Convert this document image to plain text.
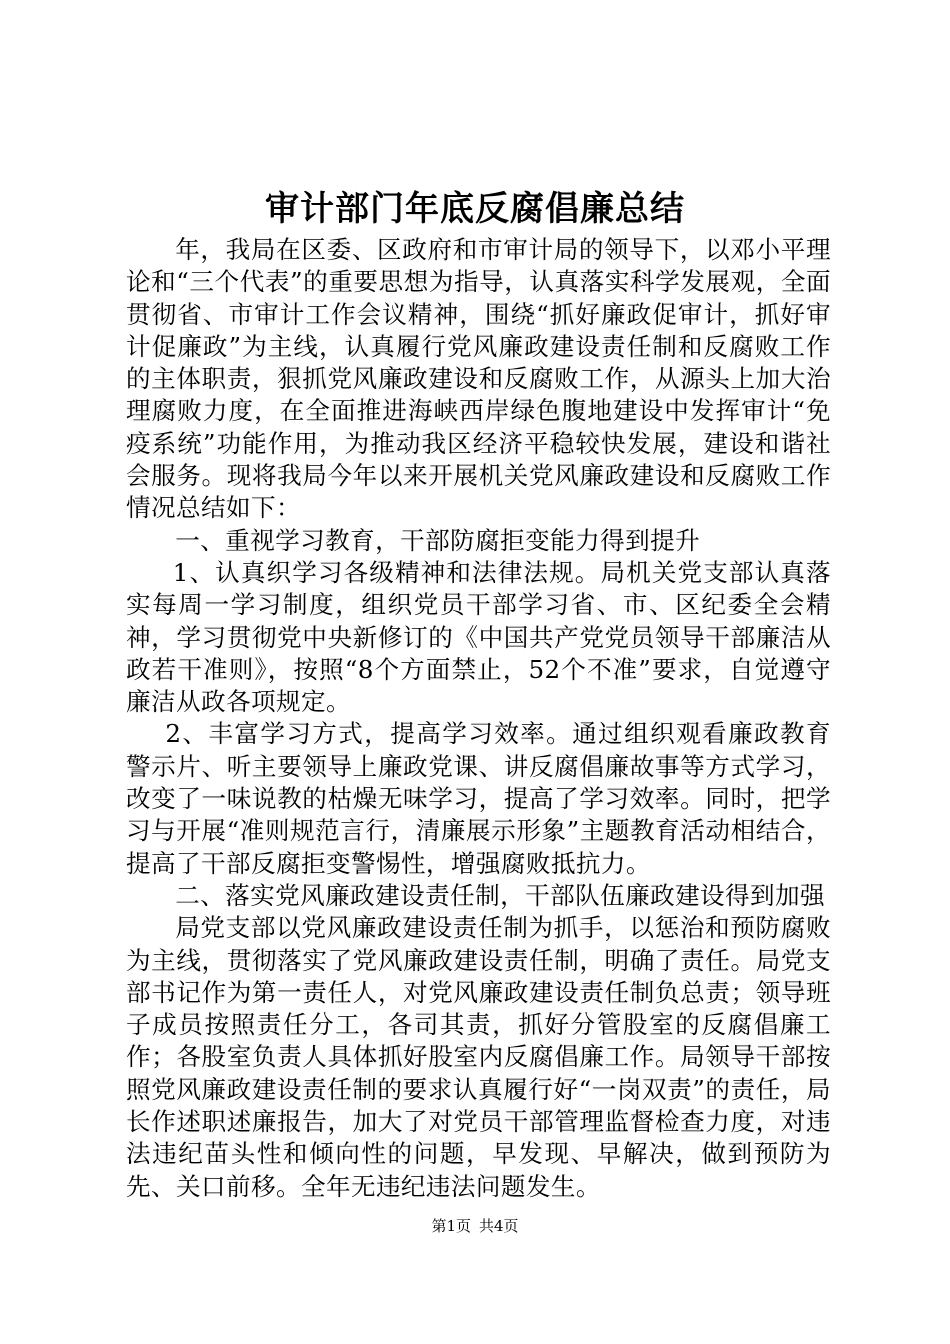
审计部门年底反腐倡廉总结

年，我局在区委、区政府和市审计局的领导下，以邓小平理论和“三个代表”的重要思想为指导，认真落实科学发展观，全面贯彻省、市审计工作会议精神，围绕“抓好廉政促审计，抓好审计促廉政”为主线，认真履行党风廉政建设责任制和反腐败工作的主体职责，狠抓党风廉政建设和反腐败工作，从源头上加大治理腐败力度，在全面推进海峡西岸绿色腹地建设中发挥审计“免疫系统”功能作用，为推动我区经济平稳较快发展，建设和谐社会服务。现将我局今年以来开展机关党风廉政建设和反腐败工作情况总结如下：

一、重视学习教育，干部防腐拒变能力得到提升

1、认真织学习各级精神和法律法规。局机关党支部认真落实每周一学习制度，组织党员干部学习省、市、区纪委全会精神，学习贯彻党中央新修订的《中国共产党党员领导干部廉洁从政若干准则》，按照“8个方面禁止，52个不准”要求，自觉遵守廉洁从政各项规定。

2、丰富学习方式，提高学习效率。通过组织观看廉政教育警示片、听主要领导上廉政党课、讲反腐倡廉故事等方式学习，改变了一味说教的枯燥无味学习，提高了学习效率。同时，把学习与开展“准则规范言行，清廉展示形象”主题教育活动相结合，提高了干部反腐拒变警惕性，增强腐败抵抗力。

二、落实党风廉政建设责任制，干部队伍廉政建设得到加强

局党支部以党风廉政建设责任制为抓手，以惩治和预防腐败为主线，贯彻落实了党风廉政建设责任制，明确了责任。局党支部书记作为第一责任人，对党风廉政建设责任制负总责；领导班子成员按照责任分工，各司其责，抓好分管股室的反腐倡廉工作；各股室负责人具体抓好股室内反腐倡廉工作。局领导干部按照党风廉政建设责任制的要求认真履行好“一岗双责”的责任，局长作述职述廉报告，加大了对党员干部管理监督检查力度，对违法违纪苗头性和倾向性的问题，早发现、早解决，做到预防为先、关口前移。全年无违纪违法问题发生。

第1页 共4页
